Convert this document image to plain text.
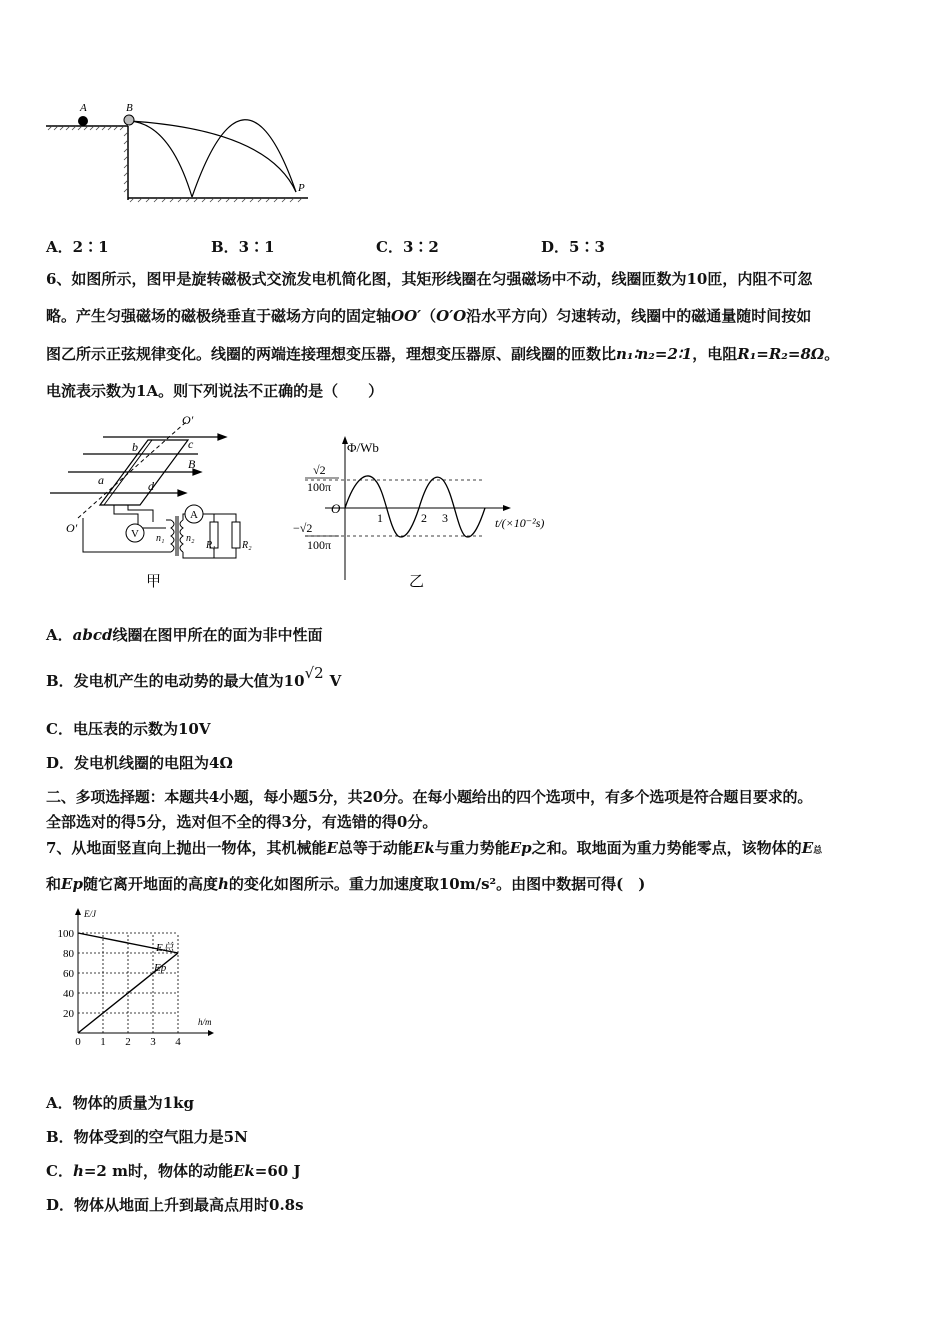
A	B
P
A．2∶1	B．3∶1	C．3∶2	D．5∶3
6、如图所示，图甲是旋转磁极式交流发电机简化图，其矩形线圈在匀强磁场中不动，线圈匝数为10匝，内阻不可忽
略。产生匀强磁场的磁极绕垂直于磁场方向的固定轴OO′（O′O沿水平方向）匀速转动，线圈中的磁通量随时间按如
图乙所示正弦规律变化。线圈的两端连接理想变压器，理想变压器原、副线圈的匝数比n₁∶n₂=2∶1，电阻R₁=R₂=8Ω。
电流表示数为1A。则下列说法不正确的是（　　）
V n₁ n₂
A
R₁	R₂
O′
O′
a
b	c
d
B
甲
Φ/Wb
t/(×10⁻²s)
O
1	2 3
√2
100π
−√2
100π
乙
A．abcd线圈在图甲所在的面为非中性面
B．发电机产生的电动势的最大值为10√2 V
C．电压表的示数为10V
D．发电机线圈的电阻为4Ω
二、多项选择题：本题共4小题，每小题5分，共20分。在每小题给出的四个选项中，有多个选项是符合题目要求的。
全部选对的得5分，选对但不全的得3分，有选错的得0分。
7、从地面竖直向上抛出一物体，其机械能E总等于动能Ek与重力势能Ep之和。取地面为重力势能零点，该物体的E总
和Ep随它离开地面的高度h的变化如图所示。重力加速度取10m/s²。由图中数据可得(　)
20
40
60
80
100
0 1 2 3 4
E/J
h/m
E总
Ep
A．物体的质量为1kg
B．物体受到的空气阻力是5N
C．h=2 m时，物体的动能Ek=60 J
D．物体从地面上升到最高点用时0.8s
